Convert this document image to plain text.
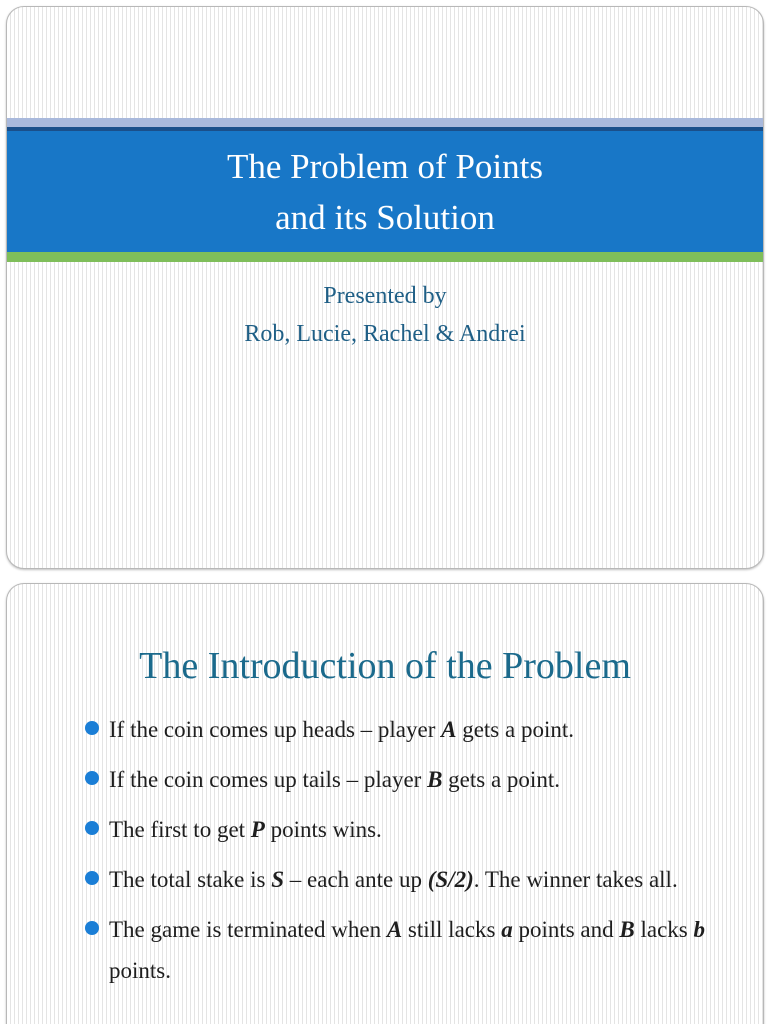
The Problem of Points
and its Solution
Presented by
Rob, Lucie, Rachel & Andrei
The Introduction of the Problem
If the coin comes up heads – player A gets a point.
If the coin comes up tails – player B gets a point.
The first to get P points wins.
The total stake is S – each ante up (S/2). The winner takes all.
The game is terminated when A still lacks a points and B lacks b points.
